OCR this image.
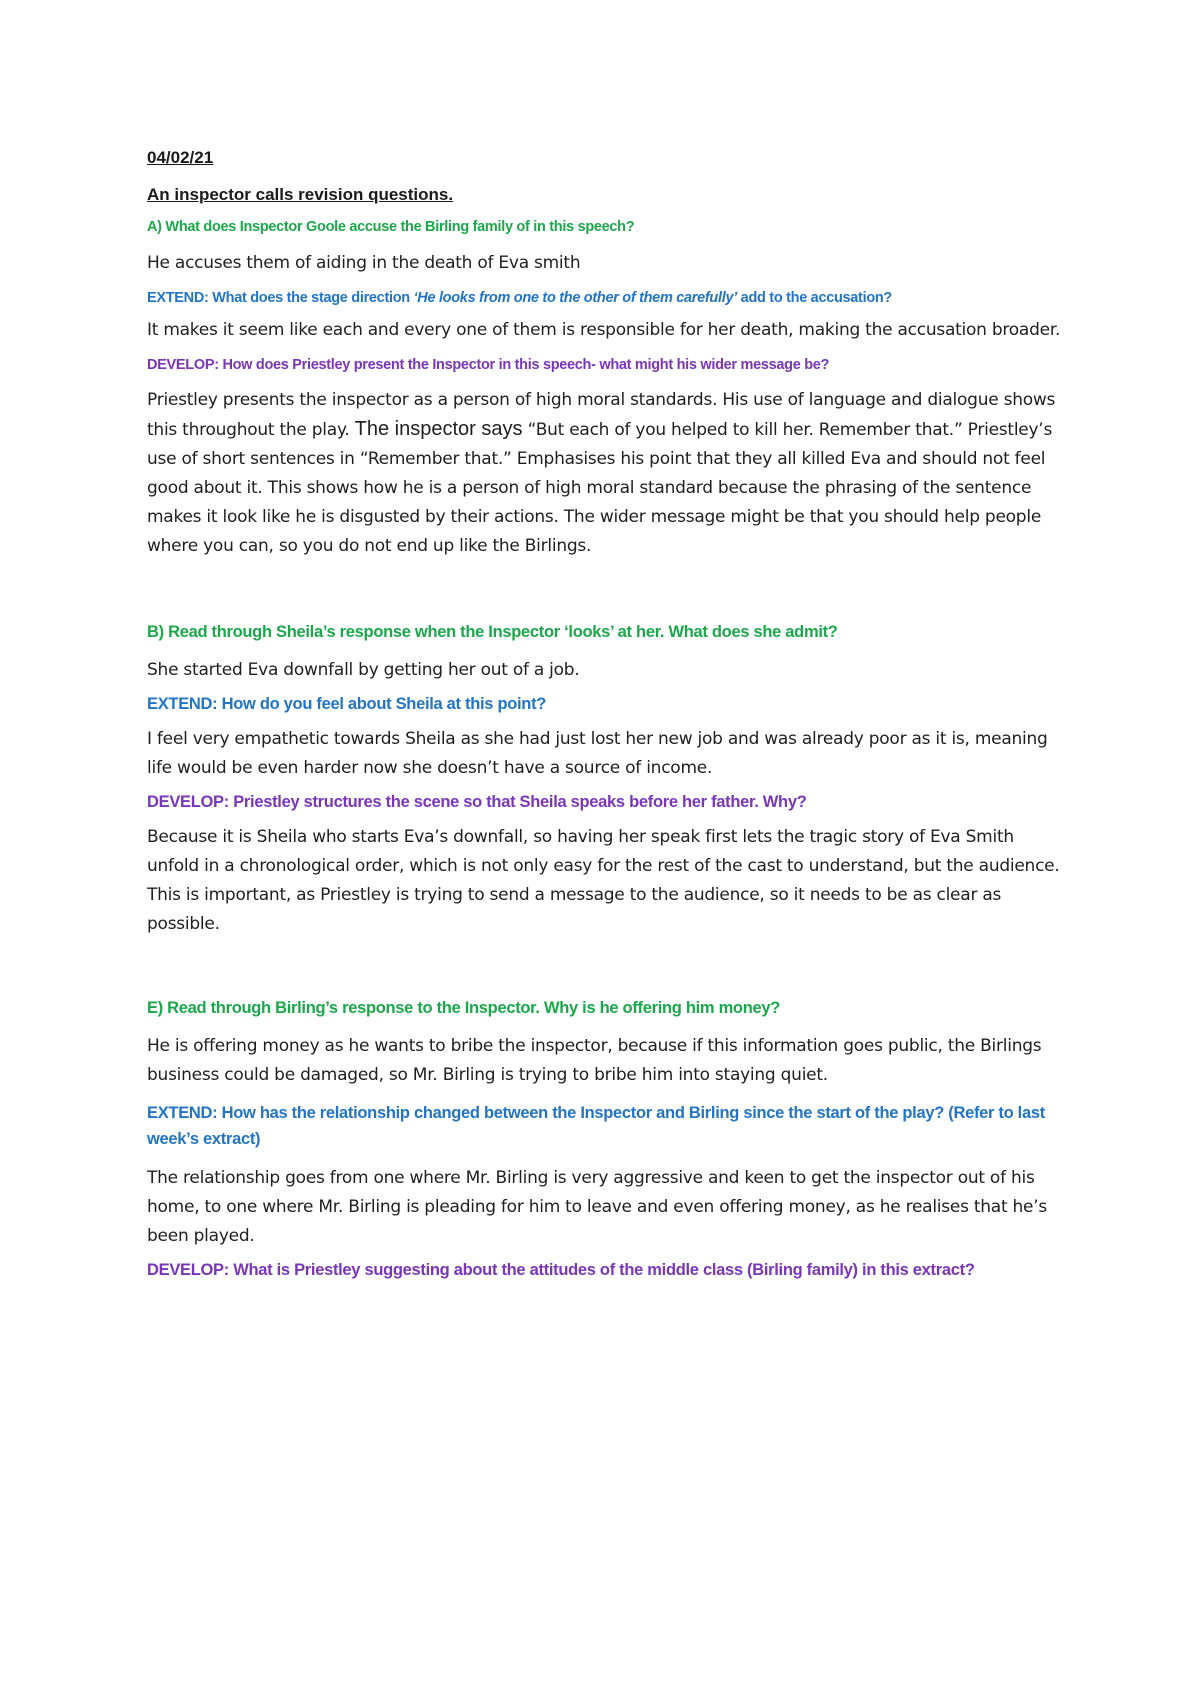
04/02/21

An inspector calls revision questions.

A) What does Inspector Goole accuse the Birling family of in this speech?

He accuses them of aiding in the death of Eva smith

EXTEND: What does the stage direction ‘He looks from one to the other of them carefully’ add to the accusation?

It makes it seem like each and every one of them is responsible for her death, making the accusation broader.

DEVELOP: How does Priestley present the Inspector in this speech- what might his wider message be?

Priestley presents the inspector as a person of high moral standards. His use of language and dialogue shows this throughout the play. The inspector says “But each of you helped to kill her. Remember that.” Priestley’s use of short sentences in “Remember that.” Emphasises his point that they all killed Eva and should not feel good about it. This shows how he is a person of high moral standard because the phrasing of the sentence makes it look like he is disgusted by their actions. The wider message might be that you should help people where you can, so you do not end up like the Birlings.

B) Read through Sheila’s response when the Inspector ‘looks’ at her. What does she admit?

She started Eva downfall by getting her out of a job.

EXTEND: How do you feel about Sheila at this point?

I feel very empathetic towards Sheila as she had just lost her new job and was already poor as it is, meaning life would be even harder now she doesn’t have a source of income.

DEVELOP: Priestley structures the scene so that Sheila speaks before her father. Why?

Because it is Sheila who starts Eva’s downfall, so having her speak first lets the tragic story of Eva Smith unfold in a chronological order, which is not only easy for the rest of the cast to understand, but the audience. This is important, as Priestley is trying to send a message to the audience, so it needs to be as clear as possible.

E) Read through Birling’s response to the Inspector. Why is he offering him money?

He is offering money as he wants to bribe the inspector, because if this information goes public, the Birlings business could be damaged, so Mr. Birling is trying to bribe him into staying quiet.

EXTEND: How has the relationship changed between the Inspector and Birling since the start of the play? (Refer to last week’s extract)

The relationship goes from one where Mr. Birling is very aggressive and keen to get the inspector out of his home, to one where Mr. Birling is pleading for him to leave and even offering money, as he realises that he’s been played.

DEVELOP: What is Priestley suggesting about the attitudes of the middle class (Birling family) in this extract?
